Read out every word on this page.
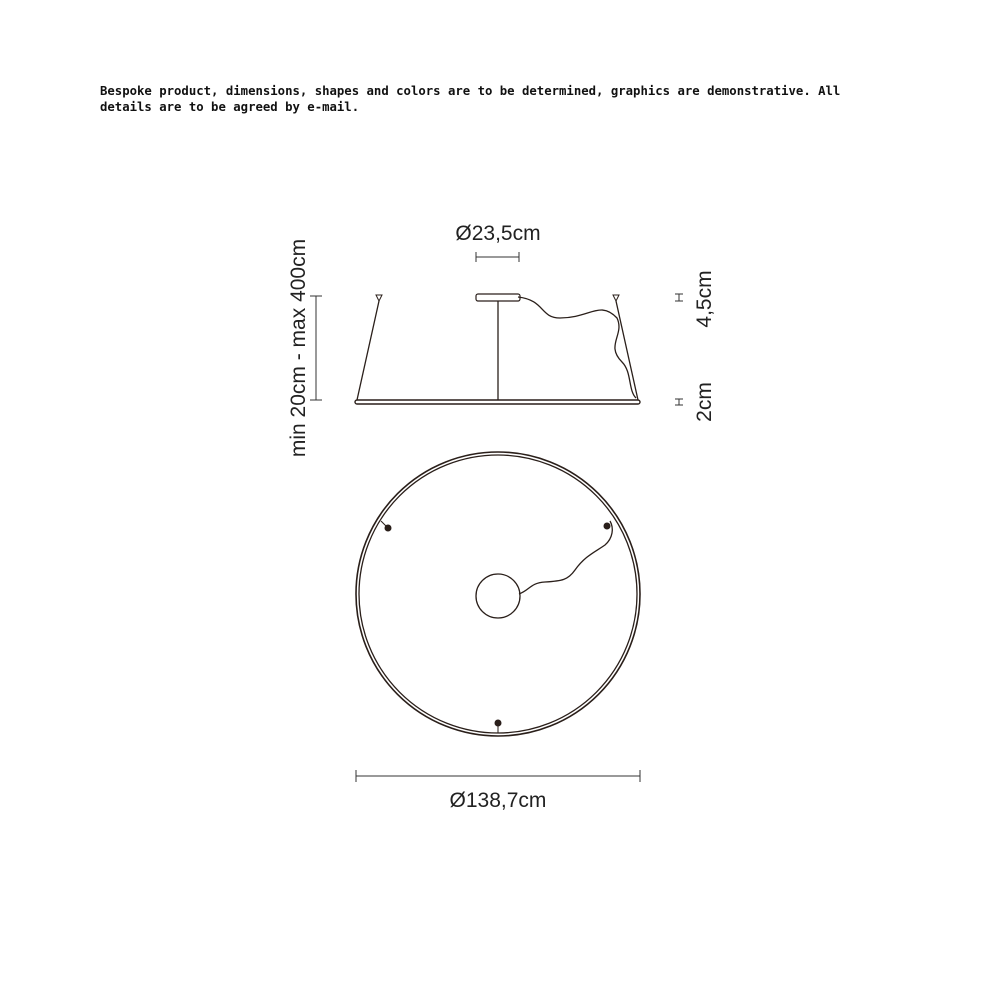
Bespoke product, dimensions, shapes and colors are to be determined, graphics are demonstrative. All details are to be agreed by e-mail.
Ø23,5cm
min 20cm - max 400cm	4,5cm
2cm
Ø138,7cm
